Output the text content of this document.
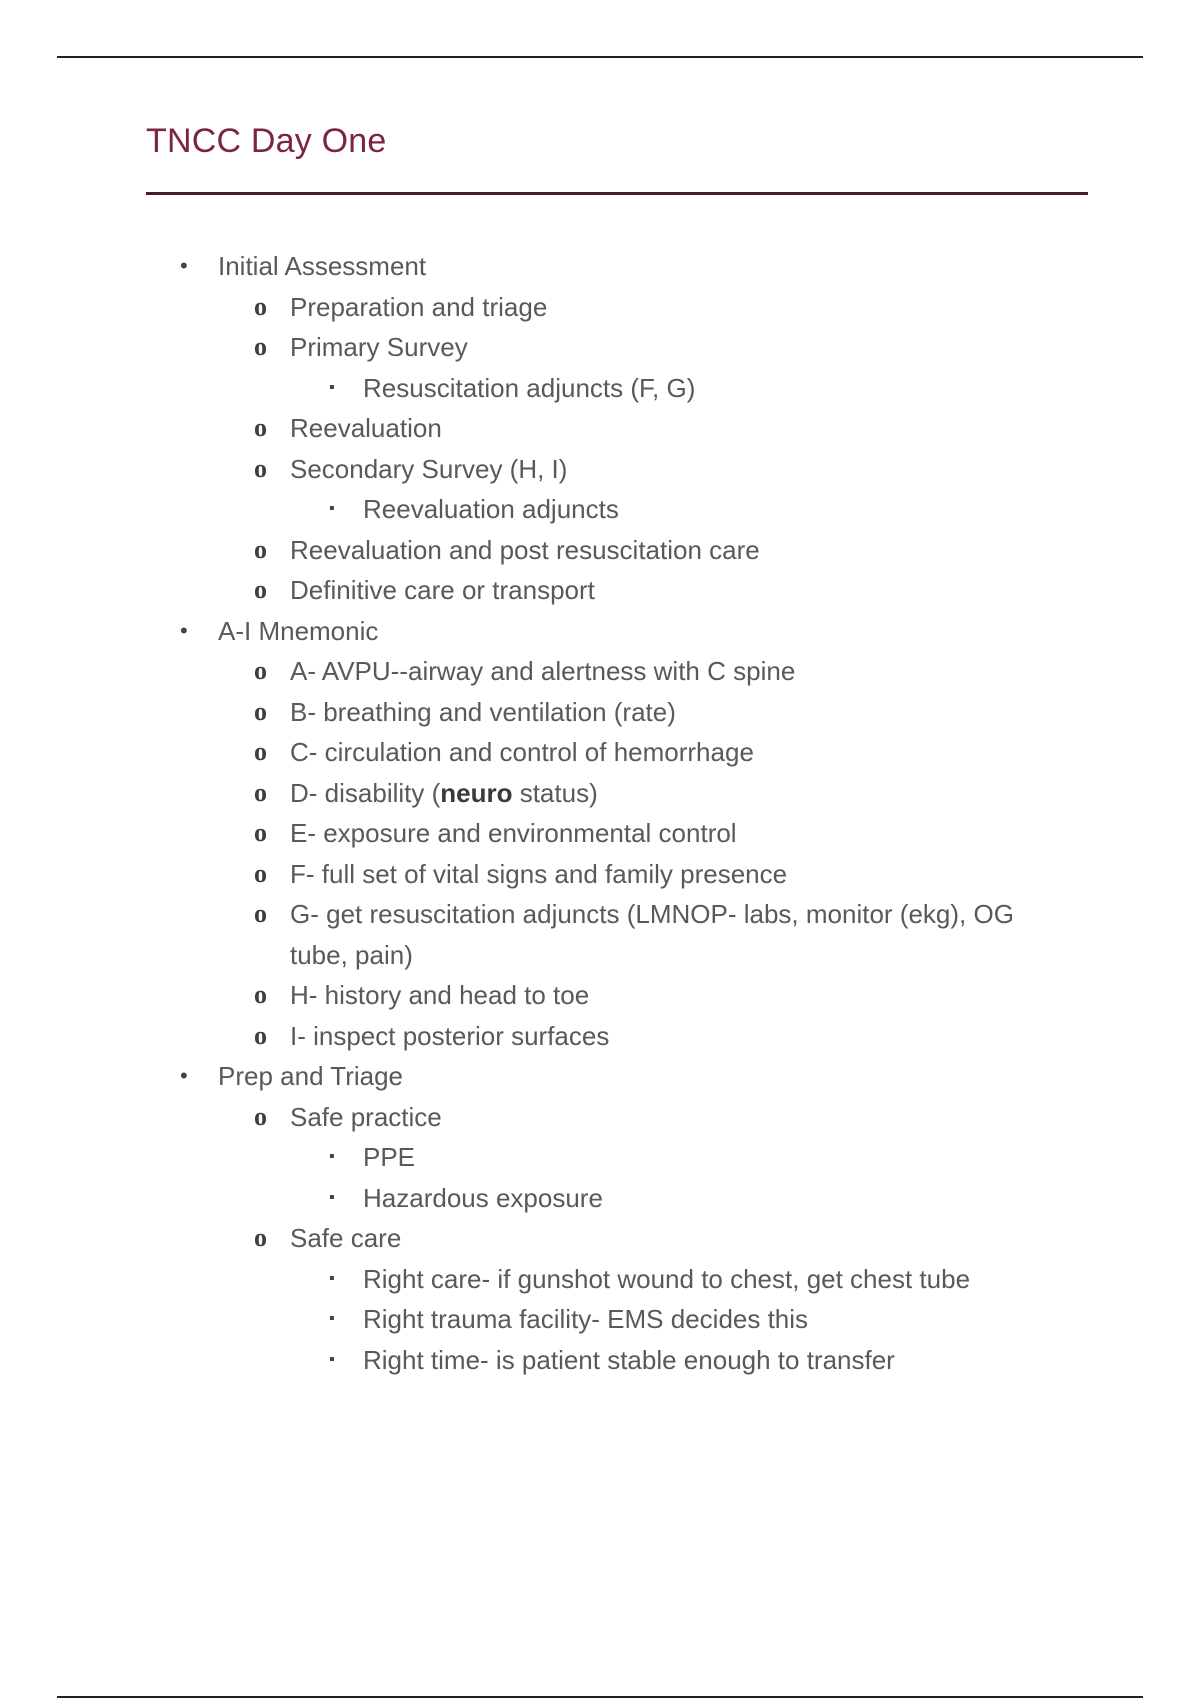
TNCC Day One
• Initial Assessment
o Preparation and triage
o Primary Survey
▪ Resuscitation adjuncts (F, G)
o Reevaluation
o Secondary Survey (H, I)
▪ Reevaluation adjuncts
o Reevaluation and post resuscitation care
o Definitive care or transport
• A-I Mnemonic
o A- AVPU--airway and alertness with C spine
o B- breathing and ventilation (rate)
o C- circulation and control of hemorrhage
o D- disability (neuro status)
o E- exposure and environmental control
o F- full set of vital signs and family presence
o G- get resuscitation adjuncts (LMNOP- labs, monitor (ekg), OG tube, pain)
o H- history and head to toe
o I- inspect posterior surfaces
• Prep and Triage
o Safe practice
▪ PPE
▪ Hazardous exposure
o Safe care
▪ Right care- if gunshot wound to chest, get chest tube
▪ Right trauma facility- EMS decides this
▪ Right time- is patient stable enough to transfer
